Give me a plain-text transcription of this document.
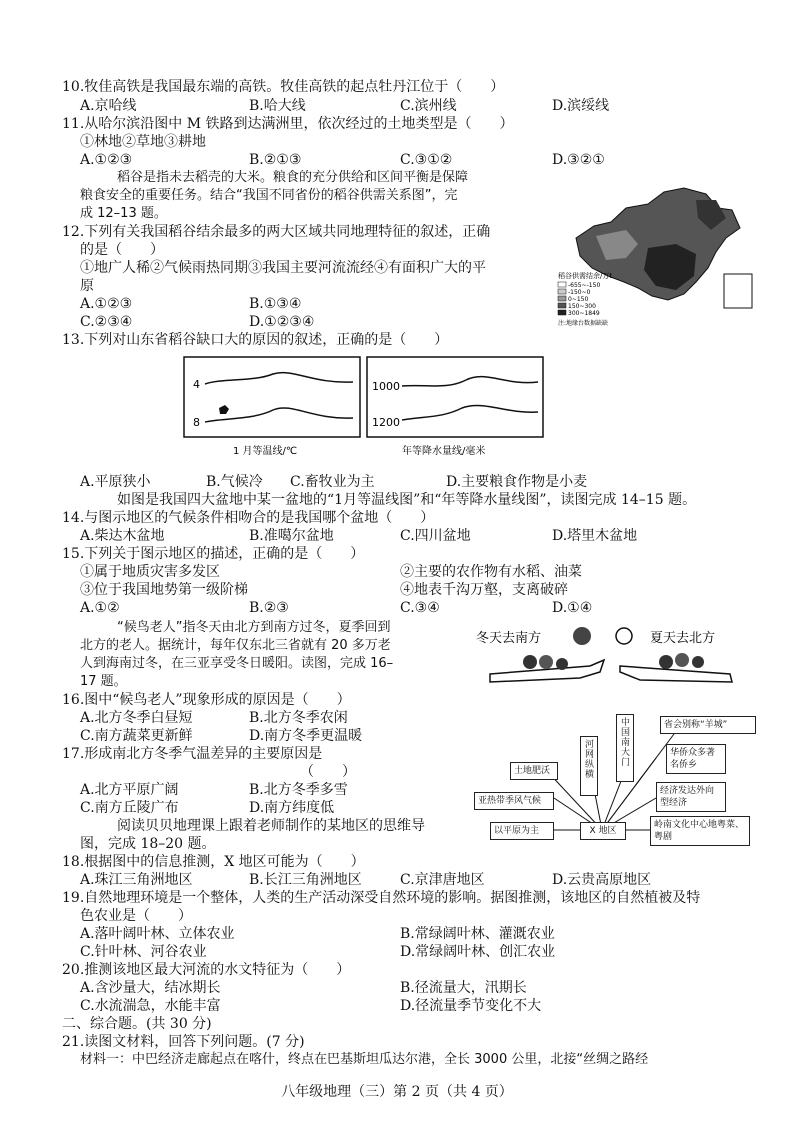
10.牧佳高铁是我国最东端的高铁。牧佳高铁的起点牡丹江位于（　　）
A.京哈线	B.哈大线	C.滨州线	D.滨绥线
11.从哈尔滨沿图中 M 铁路到达满洲里，依次经过的土地类型是（　　）
①林地②草地③耕地
A.①②③	B.②①③	C.③①②	D.③②①
稻谷是指未去稻壳的大米。粮食的充分供给和区间平衡是保障
粮食安全的重要任务。结合“我国不同省份的稻谷供需关系图”，完
成 12–13 题。
稻谷供需结余/万t
-655~-150
-150~0
0~150
150~300
300~1849
注:地缘台数据缺缺
12.下列有关我国稻谷结余最多的两大区域共同地理特征的叙述，正确
的是（　　）
①地广人稀②气候雨热同期③我国主要河流流经④有面积广大的平
原
A.①②③	B.①③④
C.②③④	D.①②③④
13.下列对山东省稻谷缺口大的原因的叙述，正确的是（　　）
4
8
1 月等温线/℃
1000
1200
年等降水量线/毫米
A.平原狭小	B.气候冷 C.畜牧业为主	D.主要粮食作物是小麦
如图是我国四大盆地中某一盆地的“1月等温线图”和“年等降水量线图”，读图完成 14–15 题。
14.与图示地区的气候条件相吻合的是我国哪个盆地（　　）
A.柴达木盆地	B.准噶尔盆地	C.四川盆地	D.塔里木盆地
15.下列关于图示地区的描述，正确的是（　　）
①属于地质灾害多发区	②主要的农作物有水稻、油菜
③位于我国地势第一级阶梯	④地表千沟万壑，支离破碎
A.①②	B.②③	C.③④	D.①④
“候鸟老人”指冬天由北方到南方过冬，夏季回到
北方的老人。据统计，每年仅东北三省就有 20 多万老
人到海南过冬，在三亚享受冬日暖阳。读图，完成 16–
17 题。
冬天去南方	夏天去北方
16.图中“候鸟老人”现象形成的原因是（　　）
A.北方冬季白昼短	B.北方冬季农闲
C.南方蔬菜更新鲜	D.南方冬季更温暖
17.形成南北方冬季气温差异的主要原因是
（　　）
A.北方平原广阔	B.北方冬季多雪
C.南方丘陵广布	D.南方纬度低
土地肥沃	河网纵横	中国南大门	省会别称“羊城”
华侨众多著名侨乡
亚热带季风气候
经济发达外向型经济
以平原为主	X 地区
岭南文化中心地粤菜、粤剧
阅读贝贝地理课上跟着老师制作的某地区的思维导
图，完成 18–20 题。
18.根据图中的信息推测，X 地区可能为（　　）
A.珠江三角洲地区	B.长江三角洲地区	C.京津唐地区	D.云贵高原地区
19.自然地理环境是一个整体，人类的生产活动深受自然环境的影响。据图推测，该地区的自然植被及特
色农业是（　　）
A.落叶阔叶林、立体农业	B.常绿阔叶林、灌溉农业
C.针叶林、河谷农业	D.常绿阔叶林、创汇农业
20.推测该地区最大河流的水文特征为（　　）
A.含沙量大，结冰期长	B.径流量大，汛期长
C.水流湍急，水能丰富	D.径流量季节变化不大
二、综合题。(共 30 分)
21.读图文材料，回答下列问题。(7 分)
材料一：中巴经济走廊起点在喀什，终点在巴基斯坦瓜达尔港，全长 3000 公里，北接“丝绸之路经
八年级地理（三）第 2 页（共 4 页）
